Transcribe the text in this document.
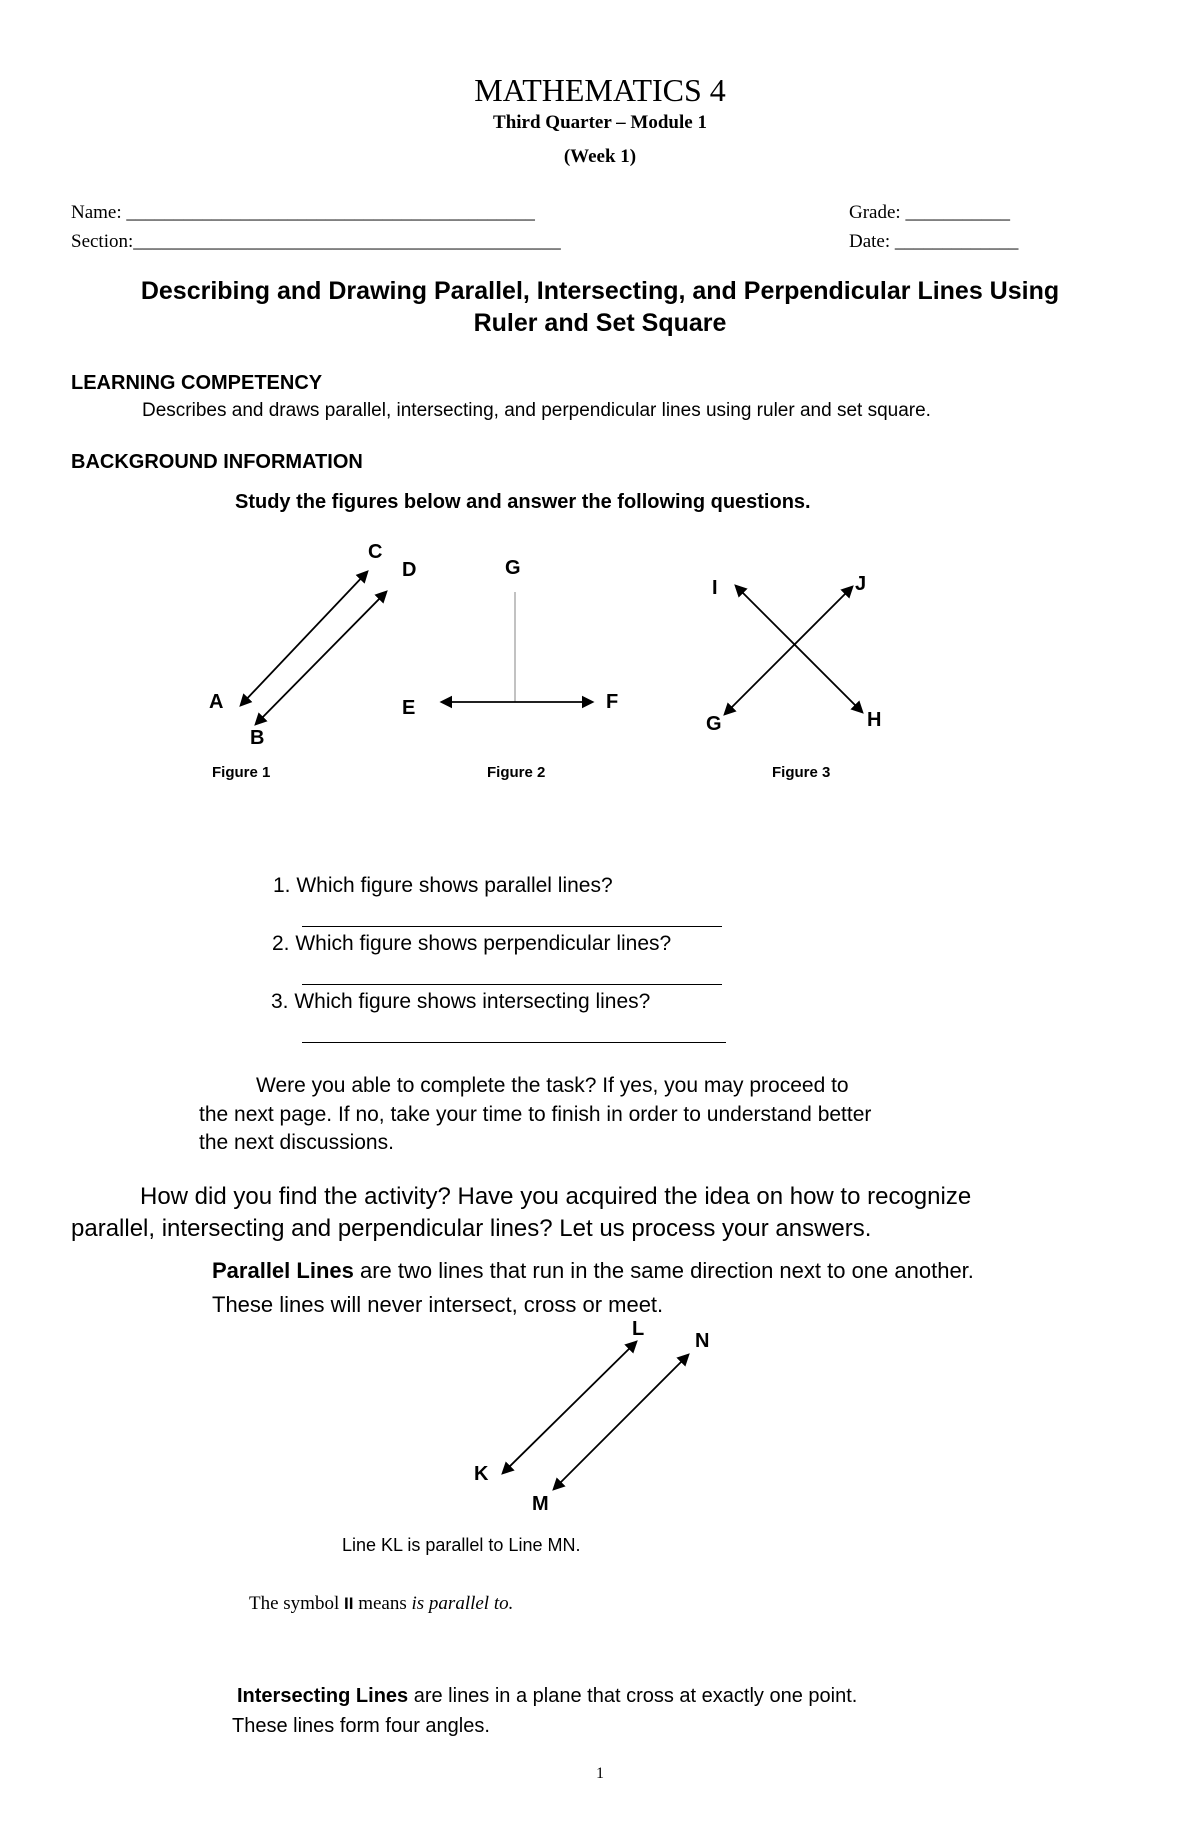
MATHEMATICS 4
Third Quarter – Module 1
(Week 1)
Name: ___________________________________________
Section:_____________________________________________
Grade: ___________
Date: _____________
Describing and Drawing Parallel, Intersecting, and Perpendicular Lines Using
Ruler and Set Square
LEARNING COMPETENCY
Describes and draws parallel, intersecting, and perpendicular lines using ruler and set square.
BACKGROUND INFORMATION
Study the figures below and answer the following questions.
C
D
A
B
G
E	F
I	J
G	H
Figure 1	Figure 2	Figure 3
1. Which figure shows parallel lines?
2. Which figure shows perpendicular lines?
3. Which figure shows intersecting lines?
Were you able to complete the task? If yes, you may proceed to
the next page. If no, take your time to finish in order to understand better
the next discussions.
How did you find the activity? Have you acquired the idea on how to recognize
parallel, intersecting and perpendicular lines? Let us process your answers.
Parallel Lines are two lines that run in the same direction next to one another.
These lines will never intersect, cross or meet.
L
N
K
M
Line KL is parallel to Line MN.
The symbol II means is parallel to.
Intersecting Lines are lines in a plane that cross at exactly one point.
These lines form four angles.
1
